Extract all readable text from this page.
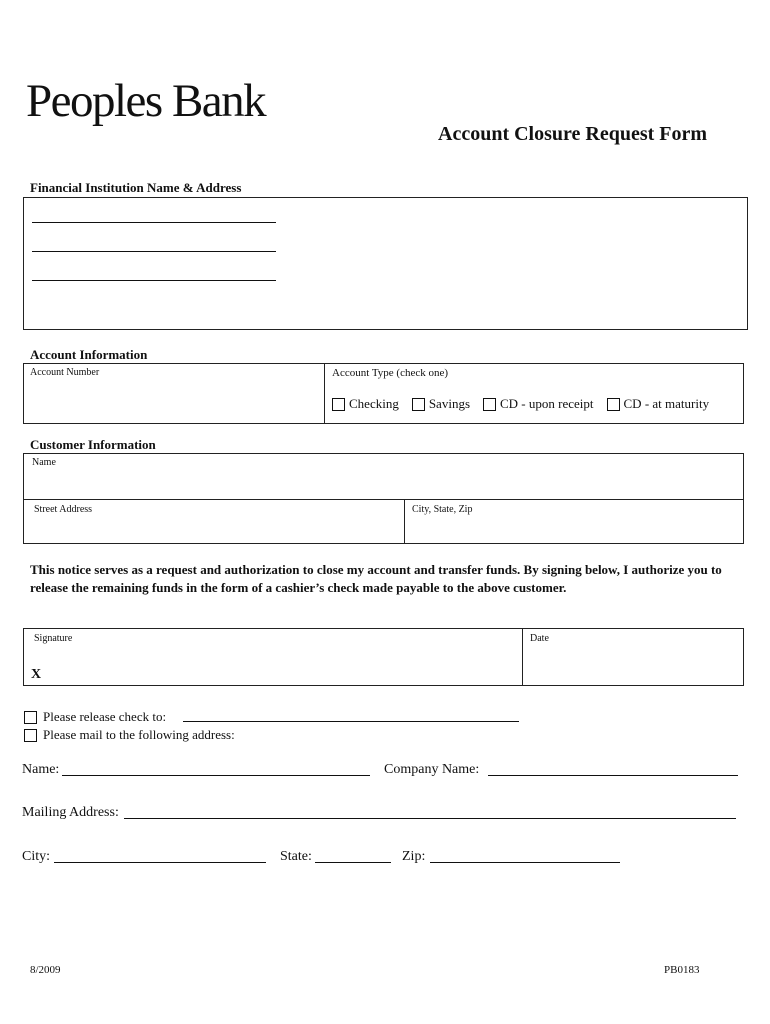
Peoples Bank
Account Closure Request Form
Financial Institution Name & Address
Account Information
Account Number	Account Type (check one)
Checking Savings CD - upon receipt CD - at maturity
Customer Information
Name
Street Address	City, State, Zip
This notice serves as a request and authorization to close my account and transfer funds. By signing below, I authorize you to release the remaining funds in the form of a cashier’s check made payable to the above customer.
Signature
X
Date
Please release check to:
Please mail to the following address:
Name:	Company Name:
Mailing Address:
City:	State:	Zip:
8/2009	PB0183
